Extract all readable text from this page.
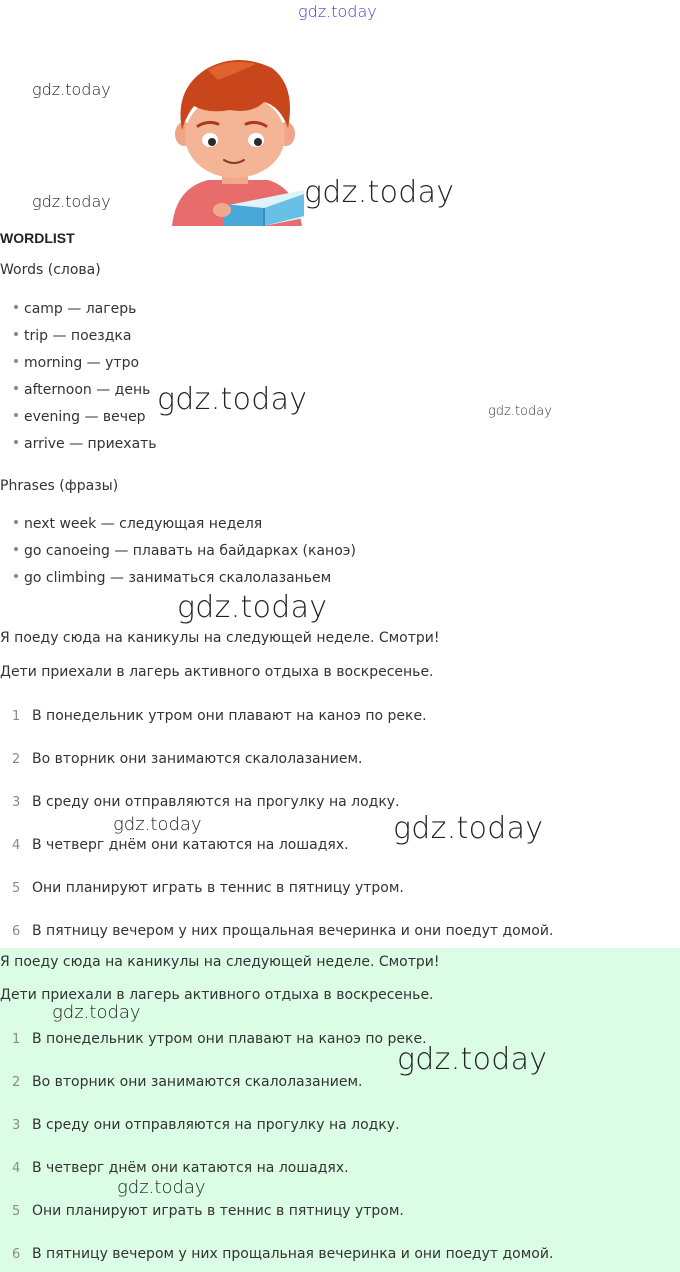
gdz.today
gdz.today
gdz.today	gdz.today
WORDLIST
Words (слова)
camp — лагерь
trip — поездка
morning — утро
afternoon — день
evening — вечер
arrive — приехать
gdz.today	gdz.today
Phrases (фразы)
next week — следующая неделя
go canoeing — плавать на байдарках (каноэ)
go climbing — заниматься скалолазаньем
gdz.today
Я поеду сюда на каникулы на следующей неделе. Смотри!
Дети приехали в лагерь активного отдыха в воскресенье.
1 В понедельник утром они плавают на каноэ по реке.
2 Во вторник они занимаются скалолазанием.
3 В среду они отправляются на прогулку на лодку.
4 В четверг днём они катаются на лошадях.
5 Они планируют играть в теннис в пятницу утром.
6 В пятницу вечером у них прощальная вечеринка и они поедут домой.
gdz.today	gdz.today
Я поеду сюда на каникулы на следующей неделе. Смотри!
Дети приехали в лагерь активного отдыха в воскресенье.
gdz.today
1 В понедельник утром они плавают на каноэ по реке.
2 Во вторник они занимаются скалолазанием.
3 В среду они отправляются на прогулку на лодку.
4 В четверг днём они катаются на лошадях.
5 Они планируют играть в теннис в пятницу утром.
6 В пятницу вечером у них прощальная вечеринка и они поедут домой.
gdz.today
gdz.today
